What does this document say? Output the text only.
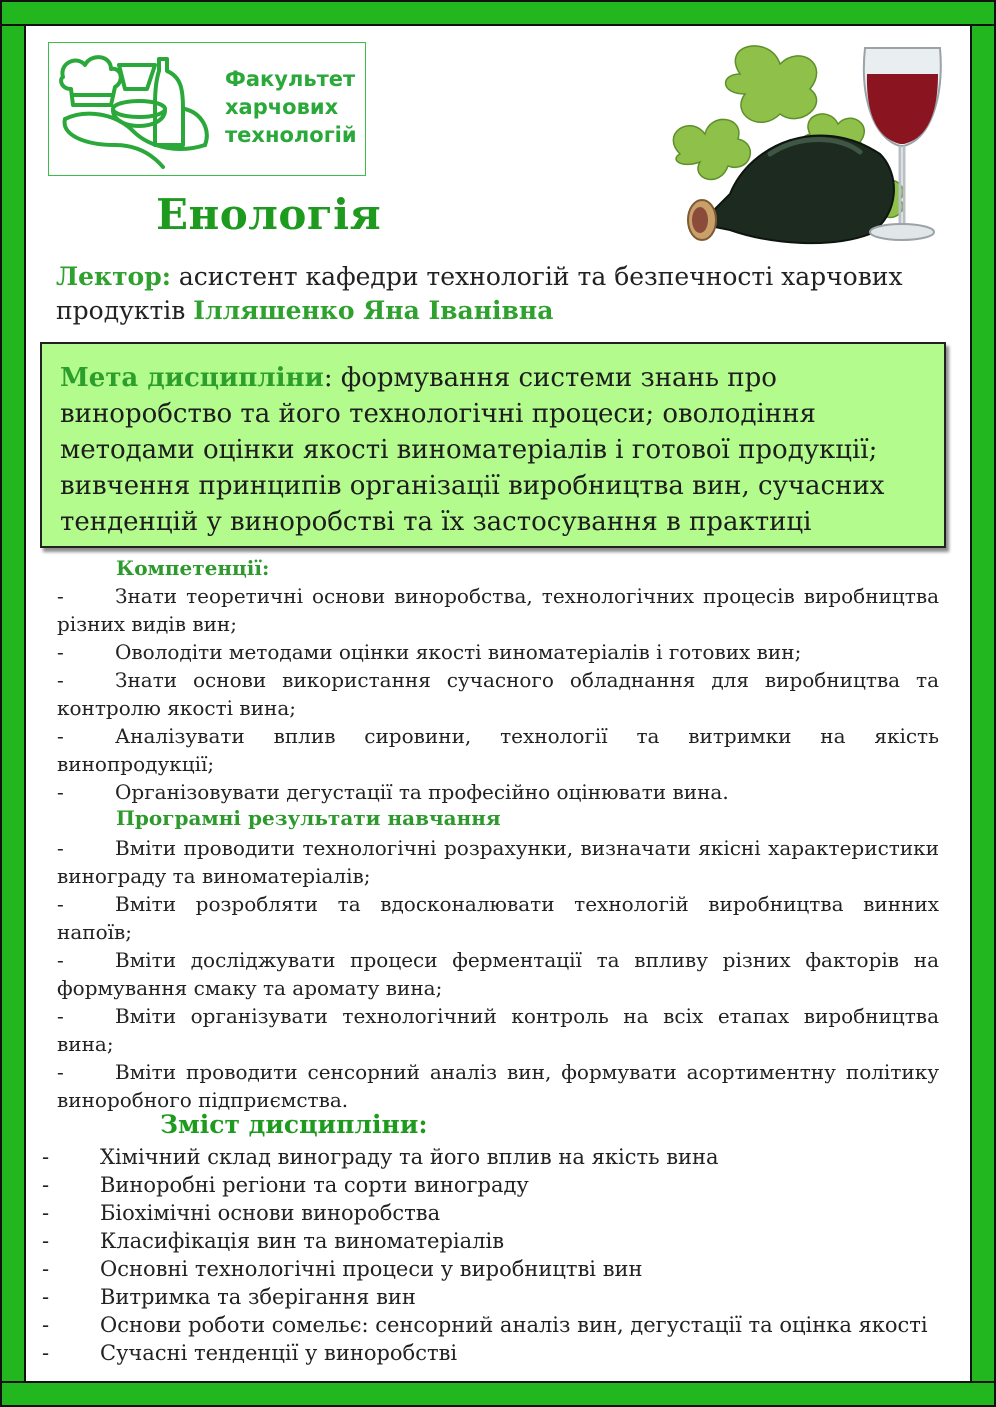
Факультет
харчових
технологій
Енологія
Лектор: асистент кафедри технологій та безпечності харчових продуктів Ілляшенко Яна Іванівна
Мета дисципліни: формування системи знань про виноробство та його технологічні процеси; оволодіння методами оцінки якості виноматеріалів і готової продукції; вивчення принципів організації виробництва вин, сучасних тенденцій у виноробстві та їх застосування в практиці
Компетенції:
-	Знати теоретичні основи виноробства, технологічних процесів виробництва різних видів вин;
-	Оволодіти методами оцінки якості виноматеріалів і готових вин;
-	Знати основи використання сучасного обладнання для виробництва та контролю якості вина;
-	Аналізувати вплив сировини, технології та витримки на якість винопродукції;
-	Організовувати дегустації та професійно оцінювати вина.
Програмні результати навчання
-	Вміти проводити технологічні розрахунки, визначати якісні характеристики винограду та виноматеріалів;
-	Вміти розробляти та вдосконалювати технологій виробництва винних напоїв;
-	Вміти досліджувати процеси ферментації та впливу різних факторів на формування смаку та аромату вина;
-	Вміти організувати технологічний контроль на всіх етапах виробництва вина;
-	Вміти проводити сенсорний аналіз вин, формувати асортиментну політику виноробного підприємства.
Зміст дисципліни:
- Хімічний склад винограду та його вплив на якість вина
- Виноробні регіони та сорти винограду
- Біохімічні основи виноробства
- Класифікація вин та виноматеріалів
- Основні технологічні процеси у виробництві вин
- Витримка та зберігання вин
- Основи роботи сомельє: сенсорний аналіз вин, дегустації та оцінка якості
- Сучасні тенденції у виноробстві
